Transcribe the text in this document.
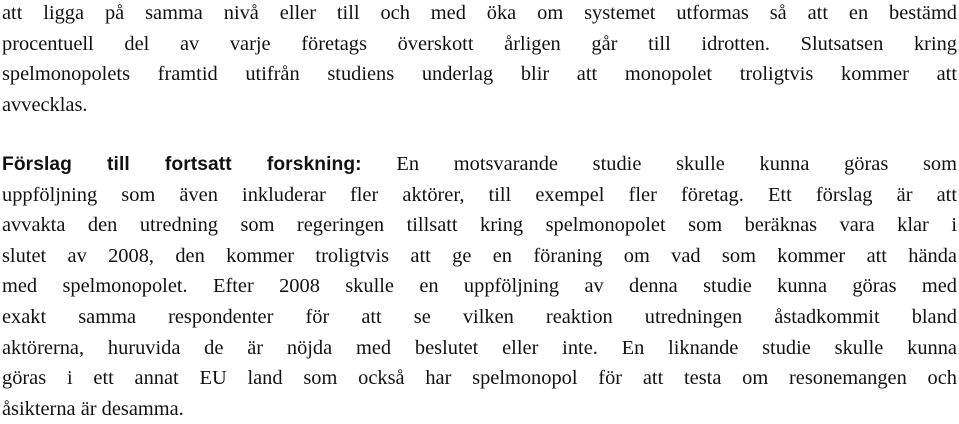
att ligga på samma nivå eller till och med öka om systemet utformas så att en bestämd
procentuell del av varje företags överskott årligen går till idrotten. Slutsatsen kring
spelmonopolets framtid utifrån studiens underlag blir att monopolet troligtvis kommer att
avvecklas.
Förslag till fortsatt forskning: En motsvarande studie skulle kunna göras som
uppföljning som även inkluderar fler aktörer, till exempel fler företag. Ett förslag är att
avvakta den utredning som regeringen tillsatt kring spelmonopolet som beräknas vara klar i
slutet av 2008, den kommer troligtvis att ge en föraning om vad som kommer att hända
med spelmonopolet. Efter 2008 skulle en uppföljning av denna studie kunna göras med
exakt samma respondenter för att se vilken reaktion utredningen åstadkommit bland
aktörerna, huruvida de är nöjda med beslutet eller inte. En liknande studie skulle kunna
göras i ett annat EU land som också har spelmonopol för att testa om resonemangen och
åsikterna är desamma.
